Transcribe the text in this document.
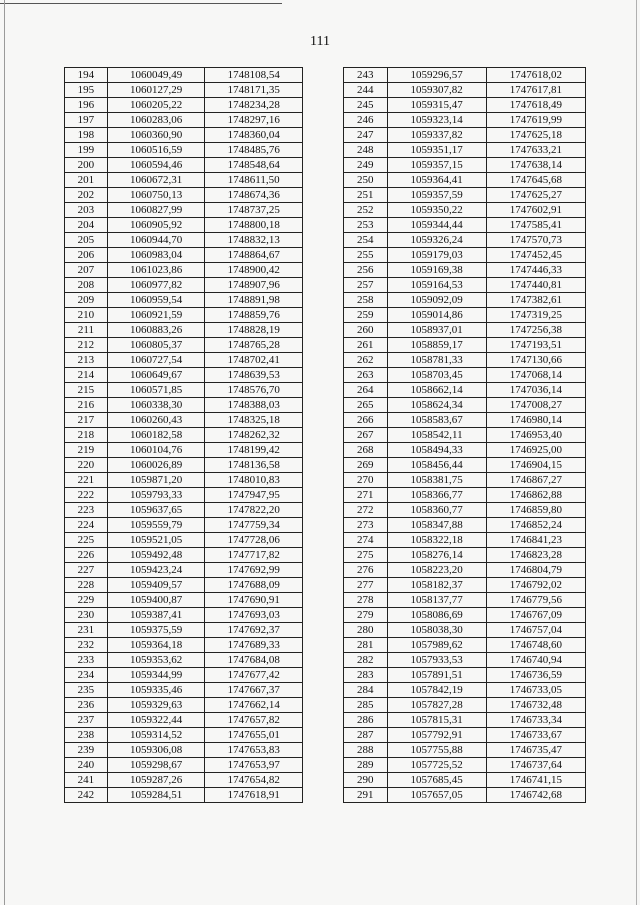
111
194	1060049,49	1748108,54
195	1060127,29	1748171,35
196	1060205,22	1748234,28
197	1060283,06	1748297,16
198	1060360,90	1748360,04
199	1060516,59	1748485,76
200	1060594,46	1748548,64
201	1060672,31	1748611,50
202	1060750,13	1748674,36
203	1060827,99	1748737,25
204	1060905,92	1748800,18
205	1060944,70	1748832,13
206	1060983,04	1748864,67
207	1061023,86	1748900,42
208	1060977,82	1748907,96
209	1060959,54	1748891,98
210	1060921,59	1748859,76
211	1060883,26	1748828,19
212	1060805,37	1748765,28
213	1060727,54	1748702,41
214	1060649,67	1748639,53
215	1060571,85	1748576,70
216	1060338,30	1748388,03
217	1060260,43	1748325,18
218	1060182,58	1748262,32
219	1060104,76	1748199,42
220	1060026,89	1748136,58
221	1059871,20	1748010,83
222	1059793,33	1747947,95
223	1059637,65	1747822,20
224	1059559,79	1747759,34
225	1059521,05	1747728,06
226	1059492,48	1747717,82
227	1059423,24	1747692,99
228	1059409,57	1747688,09
229	1059400,87	1747690,91
230	1059387,41	1747693,03
231	1059375,59	1747692,37
232	1059364,18	1747689,33
233	1059353,62	1747684,08
234	1059344,99	1747677,42
235	1059335,46	1747667,37
236	1059329,63	1747662,14
237	1059322,44	1747657,82
238	1059314,52	1747655,01
239	1059306,08	1747653,83
240	1059298,67	1747653,97
241	1059287,26	1747654,82
242	1059284,51	1747618,91
243	1059296,57	1747618,02
244	1059307,82	1747617,81
245	1059315,47	1747618,49
246	1059323,14	1747619,99
247	1059337,82	1747625,18
248	1059351,17	1747633,21
249	1059357,15	1747638,14
250	1059364,41	1747645,68
251	1059357,59	1747625,27
252	1059350,22	1747602,91
253	1059344,44	1747585,41
254	1059326,24	1747570,73
255	1059179,03	1747452,45
256	1059169,38	1747446,33
257	1059164,53	1747440,81
258	1059092,09	1747382,61
259	1059014,86	1747319,25
260	1058937,01	1747256,38
261	1058859,17	1747193,51
262	1058781,33	1747130,66
263	1058703,45	1747068,14
264	1058662,14	1747036,14
265	1058624,34	1747008,27
266	1058583,67	1746980,14
267	1058542,11	1746953,40
268	1058494,33	1746925,00
269	1058456,44	1746904,15
270	1058381,75	1746867,27
271	1058366,77	1746862,88
272	1058360,77	1746859,80
273	1058347,88	1746852,24
274	1058322,18	1746841,23
275	1058276,14	1746823,28
276	1058223,20	1746804,79
277	1058182,37	1746792,02
278	1058137,77	1746779,56
279	1058086,69	1746767,09
280	1058038,30	1746757,04
281	1057989,62	1746748,60
282	1057933,53	1746740,94
283	1057891,51	1746736,59
284	1057842,19	1746733,05
285	1057827,28	1746732,48
286	1057815,31	1746733,34
287	1057792,91	1746733,67
288	1057755,88	1746735,47
289	1057725,52	1746737,64
290	1057685,45	1746741,15
291	1057657,05	1746742,68
